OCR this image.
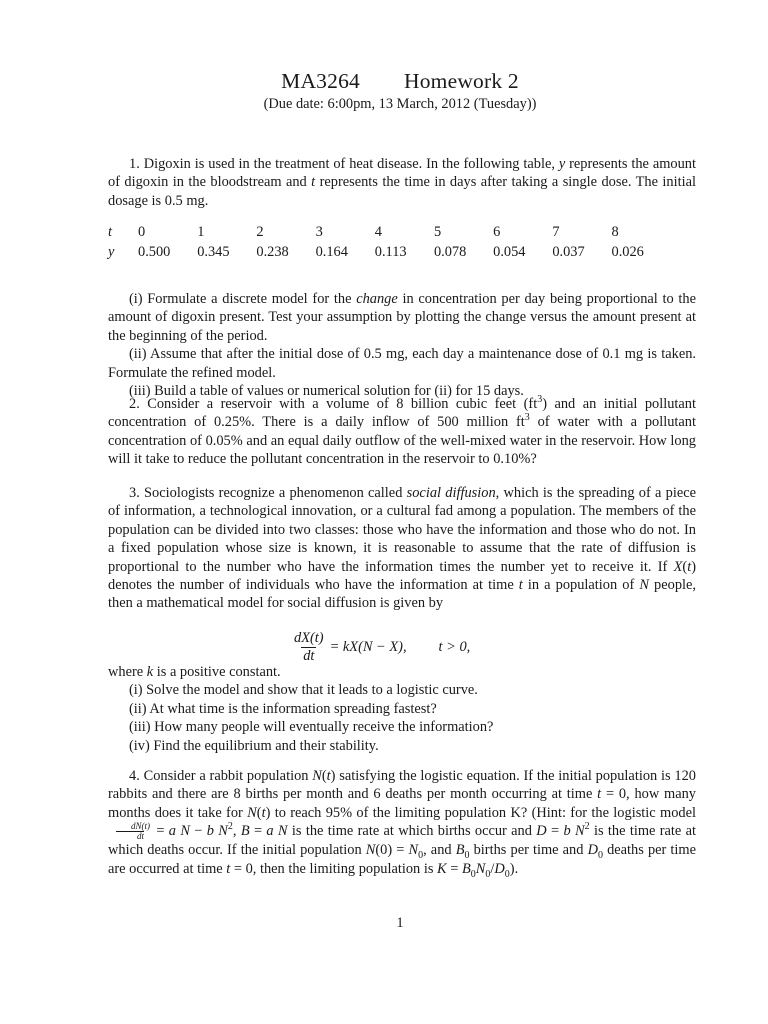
MA3264 Homework 2
(Due date: 6:00pm, 13 March, 2012 (Tuesday))

1. Digoxin is used in the treatment of heat disease. In the following table, y represents the amount of digoxin in the bloodstream and t represents the time in days after taking a single dose. The initial dosage is 0.5 mg.

t	0	1	2	3	4	5	6	7	8
y	0.500	0.345	0.238	0.164	0.113	0.078	0.054	0.037	0.026

(i) Formulate a discrete model for the change in concentration per day being proportional to the amount of digoxin present. Test your assumption by plotting the change versus the amount present at the beginning of the period.

(ii) Assume that after the initial dose of 0.5 mg, each day a maintenance dose of 0.1 mg is taken. Formulate the refined model.

(iii) Build a table of values or numerical solution for (ii) for 15 days.

2. Consider a reservoir with a volume of 8 billion cubic feet $(ft^3)$ and an initial pollutant concentration of 0.25%. There is a daily inflow of 500 million $ft^3$ of water with a pollutant concentration of 0.05% and an equal daily outflow of the well-mixed water in the reservoir. How long will it take to reduce the pollutant concentration in the reservoir to 0.10%?

3. Sociologists recognize a phenomenon called social diffusion, which is the spreading of a piece of information, a technological innovation, or a cultural fad among a population. The members of the population can be divided into two classes: those who have the information and those who do not. In a fixed population whose size is known, it is reasonable to assume that the rate of diffusion is proportional to the number who have the information times the number yet to receive it. If X(t) denotes the number of individuals who have the information at time t in a population of N people, then a mathematical model for social diffusion is given by

$\frac{dX(t)}{dt} = kX(N - X)$, t > 0,

where k is a positive constant.

(i) Solve the model and show that it leads to a logistic curve.

(ii) At what time is the information spreading fastest?

(iii) How many people will eventually receive the information?

(iv) Find the equilibrium and their stability.

4. Consider a rabbit population N(t) satisfying the logistic equation. If the initial population is 120 rabbits and there are 8 births per month and 6 deaths per month occurring at time t = 0, how many months does it take for N(t) to reach 95% of the limiting population K? (Hint: for the logistic model
$\frac{dN(t)}{dt} = a$ N − b $N^2$, B = a N is the time rate at which births occur and D = b $N^2$ is the time rate at which deaths occur. If the initial population $N(0) = N_0$, and $B_0$ births per time and $D_0$ deaths per time are occurred at time t = 0, then the limiting population is $K = B_0N_0/D_0$).

1
